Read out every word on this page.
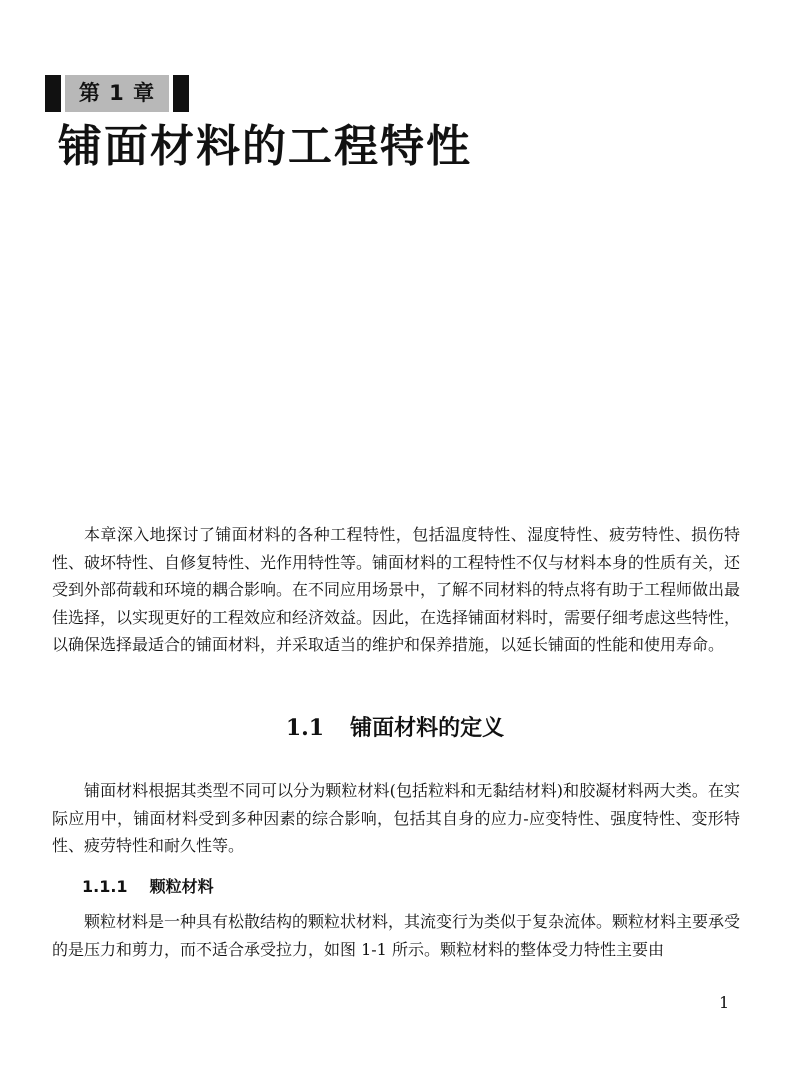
第 1 章
铺面材料的工程特性

本章深入地探讨了铺面材料的各种工程特性，包括温度特性、湿度特性、疲劳特性、损伤特性、破坏特性、自修复特性、光作用特性等。铺面材料的工程特性不仅与材料本身的性质有关，还受到外部荷载和环境的耦合影响。在不同应用场景中，了解不同材料的特点将有助于工程师做出最佳选择，以实现更好的工程效应和经济效益。因此，在选择铺面材料时，需要仔细考虑这些特性，以确保选择最适合的铺面材料，并采取适当的维护和保养措施，以延长铺面的性能和使用寿命。

1.1 铺面材料的定义

铺面材料根据其类型不同可以分为颗粒材料(包括粒料和无黏结材料)和胶凝材料两大类。在实际应用中，铺面材料受到多种因素的综合影响，包括其自身的应力-应变特性、强度特性、变形特性、疲劳特性和耐久性等。

1.1.1 颗粒材料

颗粒材料是一种具有松散结构的颗粒状材料，其流变行为类似于复杂流体。颗粒材料主要承受的是压力和剪力，而不适合承受拉力，如图 1-1 所示。颗粒材料的整体受力特性主要由

1
